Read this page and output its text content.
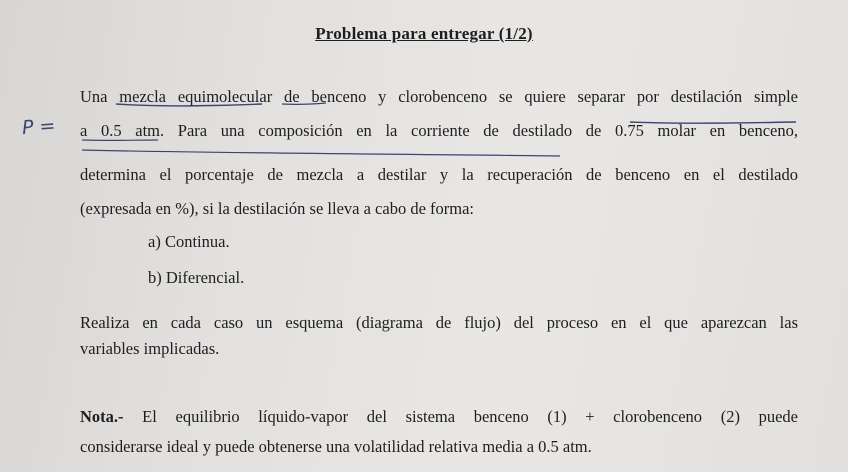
Problema para entregar (1/2)
P =
Una mezcla equimolecular de benceno y clorobenceno se quiere separar por destilación simple
a 0.5 atm. Para una composición en la corriente de destilado de 0.75 molar en benceno,
determina el porcentaje de mezcla a destilar y la recuperación de benceno en el destilado
(expresada en %), si la destilación se lleva a cabo de forma:
a) Continua.
b) Diferencial.
Realiza en cada caso un esquema (diagrama de flujo) del proceso en el que aparezcan las
variables implicadas.
Nota.- El equilibrio líquido-vapor del sistema benceno (1) + clorobenceno (2) puede
considerarse ideal y puede obtenerse una volatilidad relativa media a 0.5 atm.
